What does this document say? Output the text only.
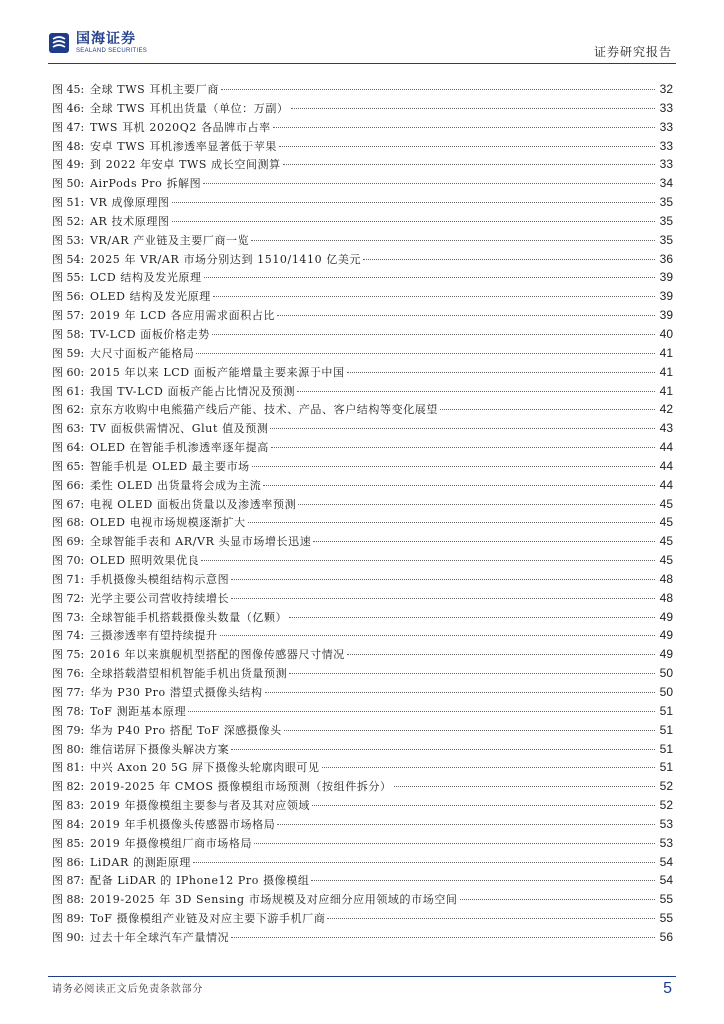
国海证券
SEALAND SECURITIES	证券研究报告
图 45: 全球 TWS 耳机主要厂商	32
图 46: 全球 TWS 耳机出货量（单位：万副）	33
图 47: TWS 耳机 2020Q2 各品牌市占率	33
图 48: 安卓 TWS 耳机渗透率显著低于苹果	33
图 49: 到 2022 年安卓 TWS 成长空间测算	33
图 50: AirPods Pro 拆解图	34
图 51: VR 成像原理图	35
图 52: AR 技术原理图	35
图 53: VR/AR 产业链及主要厂商一览	35
图 54: 2025 年 VR/AR 市场分别达到 1510/1410 亿美元	36
图 55: LCD 结构及发光原理	39
图 56: OLED 结构及发光原理	39
图 57: 2019 年 LCD 各应用需求面积占比	39
图 58: TV-LCD 面板价格走势	40
图 59: 大尺寸面板产能格局	41
图 60: 2015 年以来 LCD 面板产能增量主要来源于中国	41
图 61: 我国 TV-LCD 面板产能占比情况及预测	41
图 62: 京东方收购中电熊猫产线后产能、技术、产品、客户结构等变化展望	42
图 63: TV 面板供需情况、Glut 值及预测	43
图 64: OLED 在智能手机渗透率逐年提高	44
图 65: 智能手机是 OLED 最主要市场	44
图 66: 柔性 OLED 出货量将会成为主流	44
图 67: 电视 OLED 面板出货量以及渗透率预测	45
图 68: OLED 电视市场规模逐渐扩大	45
图 69: 全球智能手表和 AR/VR 头显市场增长迅速	45
图 70: OLED 照明效果优良	45
图 71: 手机摄像头模组结构示意图	48
图 72: 光学主要公司营收持续增长	48
图 73: 全球智能手机搭载摄像头数量（亿颗）	49
图 74: 三摄渗透率有望持续提升	49
图 75: 2016 年以来旗舰机型搭配的图像传感器尺寸情况	49
图 76: 全球搭载潜望相机智能手机出货量预测	50
图 77: 华为 P30 Pro 潜望式摄像头结构	50
图 78: ToF 测距基本原理	51
图 79: 华为 P40 Pro 搭配 ToF 深感摄像头	51
图 80: 维信诺屏下摄像头解决方案	51
图 81: 中兴 Axon 20 5G 屏下摄像头轮廓肉眼可见	51
图 82: 2019-2025 年 CMOS 摄像模组市场预测（按组件拆分）	52
图 83: 2019 年摄像模组主要参与者及其对应领域	52
图 84: 2019 年手机摄像头传感器市场格局	53
图 85: 2019 年摄像模组厂商市场格局	53
图 86: LiDAR 的测距原理	54
图 87: 配备 LiDAR 的 IPhone12 Pro 摄像模组	54
图 88: 2019-2025 年 3D Sensing 市场规模及对应细分应用领域的市场空间	55
图 89: ToF 摄像模组产业链及对应主要下游手机厂商	55
图 90: 过去十年全球汽车产量情况	56
请务必阅读正文后免责条款部分	5
